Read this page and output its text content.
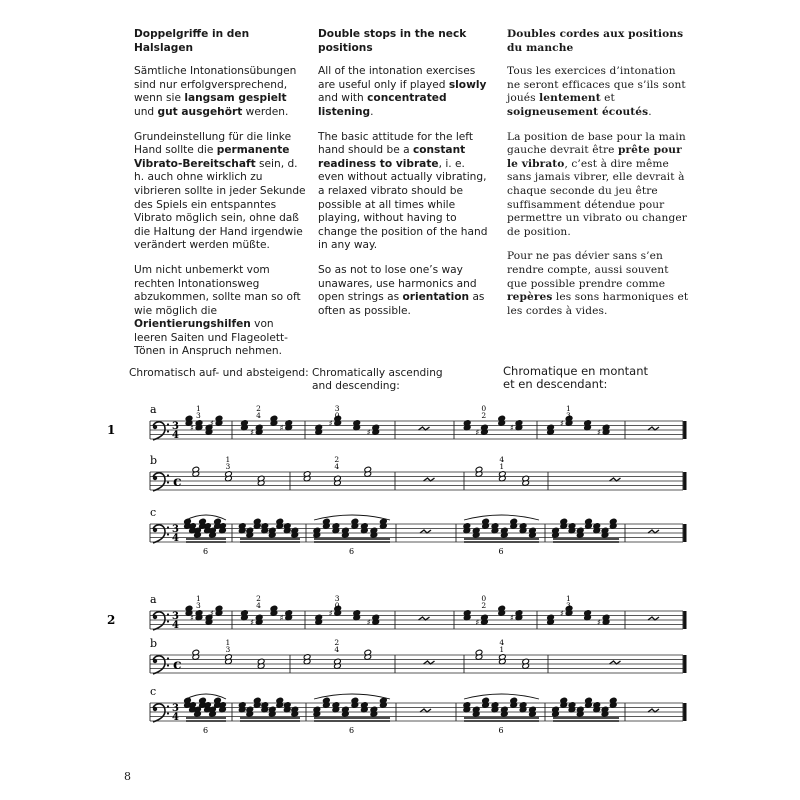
Doppelgriffe in den Halslagen

Sämtliche Intonationsübungen sind nur erfolgversprechend, wenn sie langsam gespielt und gut ausgehört werden.

Grundeinstellung für die linke Hand sollte die permanente Vibrato-Bereitschaft sein, d. h. auch ohne wirklich zu vibrieren sollte in jeder Sekunde des Spiels ein entspanntes Vibrato möglich sein, ohne daß die Haltung der Hand irgendwie verändert werden müßte.

Um nicht unbemerkt vom rechten Intonationsweg abzukommen, sollte man so oft wie möglich die Orientierungshilfen von leeren Saiten und Flageolett-Tönen in Anspruch nehmen.

Double stops in the neck positions

All of the intonation exercises are useful only if played slowly and with concentrated listening.

The basic attitude for the left hand should be a constant readiness to vibrate, i. e. even without actually vibrating, a relaxed vibrato should be possible at all times while playing, without having to change the position of the hand in any way.

So as not to lose one’s way unawares, use harmonics and open strings as orientation as often as possible.

Doubles cordes aux positions du manche

Tous les exercices d’intonation ne seront efficaces que s’ils sont joués lentement et soigneusement écoutés.

La position de base pour la main gauche devrait être prête pour le vibrato, c’est à dire même sans jamais vibrer, elle devrait à chaque seconde du jeu être suffisamment détendue pour permettre un vibrato ou changer de position.

Pour ne pas dévier sans s’en rendre compte, aussi souvent que possible prendre comme repères les sons harmoniques et les cordes à vides.

Chromatisch auf- und absteigend: Chromatically ascending
and descending:
Chromatique en montant
et en descendant:
1
a
3
4
♯
1
3
♯
♯
2
4
♯	♯
3
0
♯	♯
0
2
♯	♯
1
3
♯
b
c
1
3
2
4
4
1
c
3
4
6	6	6
2
a
3
4
♯
1
3
♯
♯
2
4
♯	♯
3
0
♯	♯
0
2
♯	♯
1
3
♯
b
c
1
3
2
4
4
1
c
3
4
6	6	6
8
